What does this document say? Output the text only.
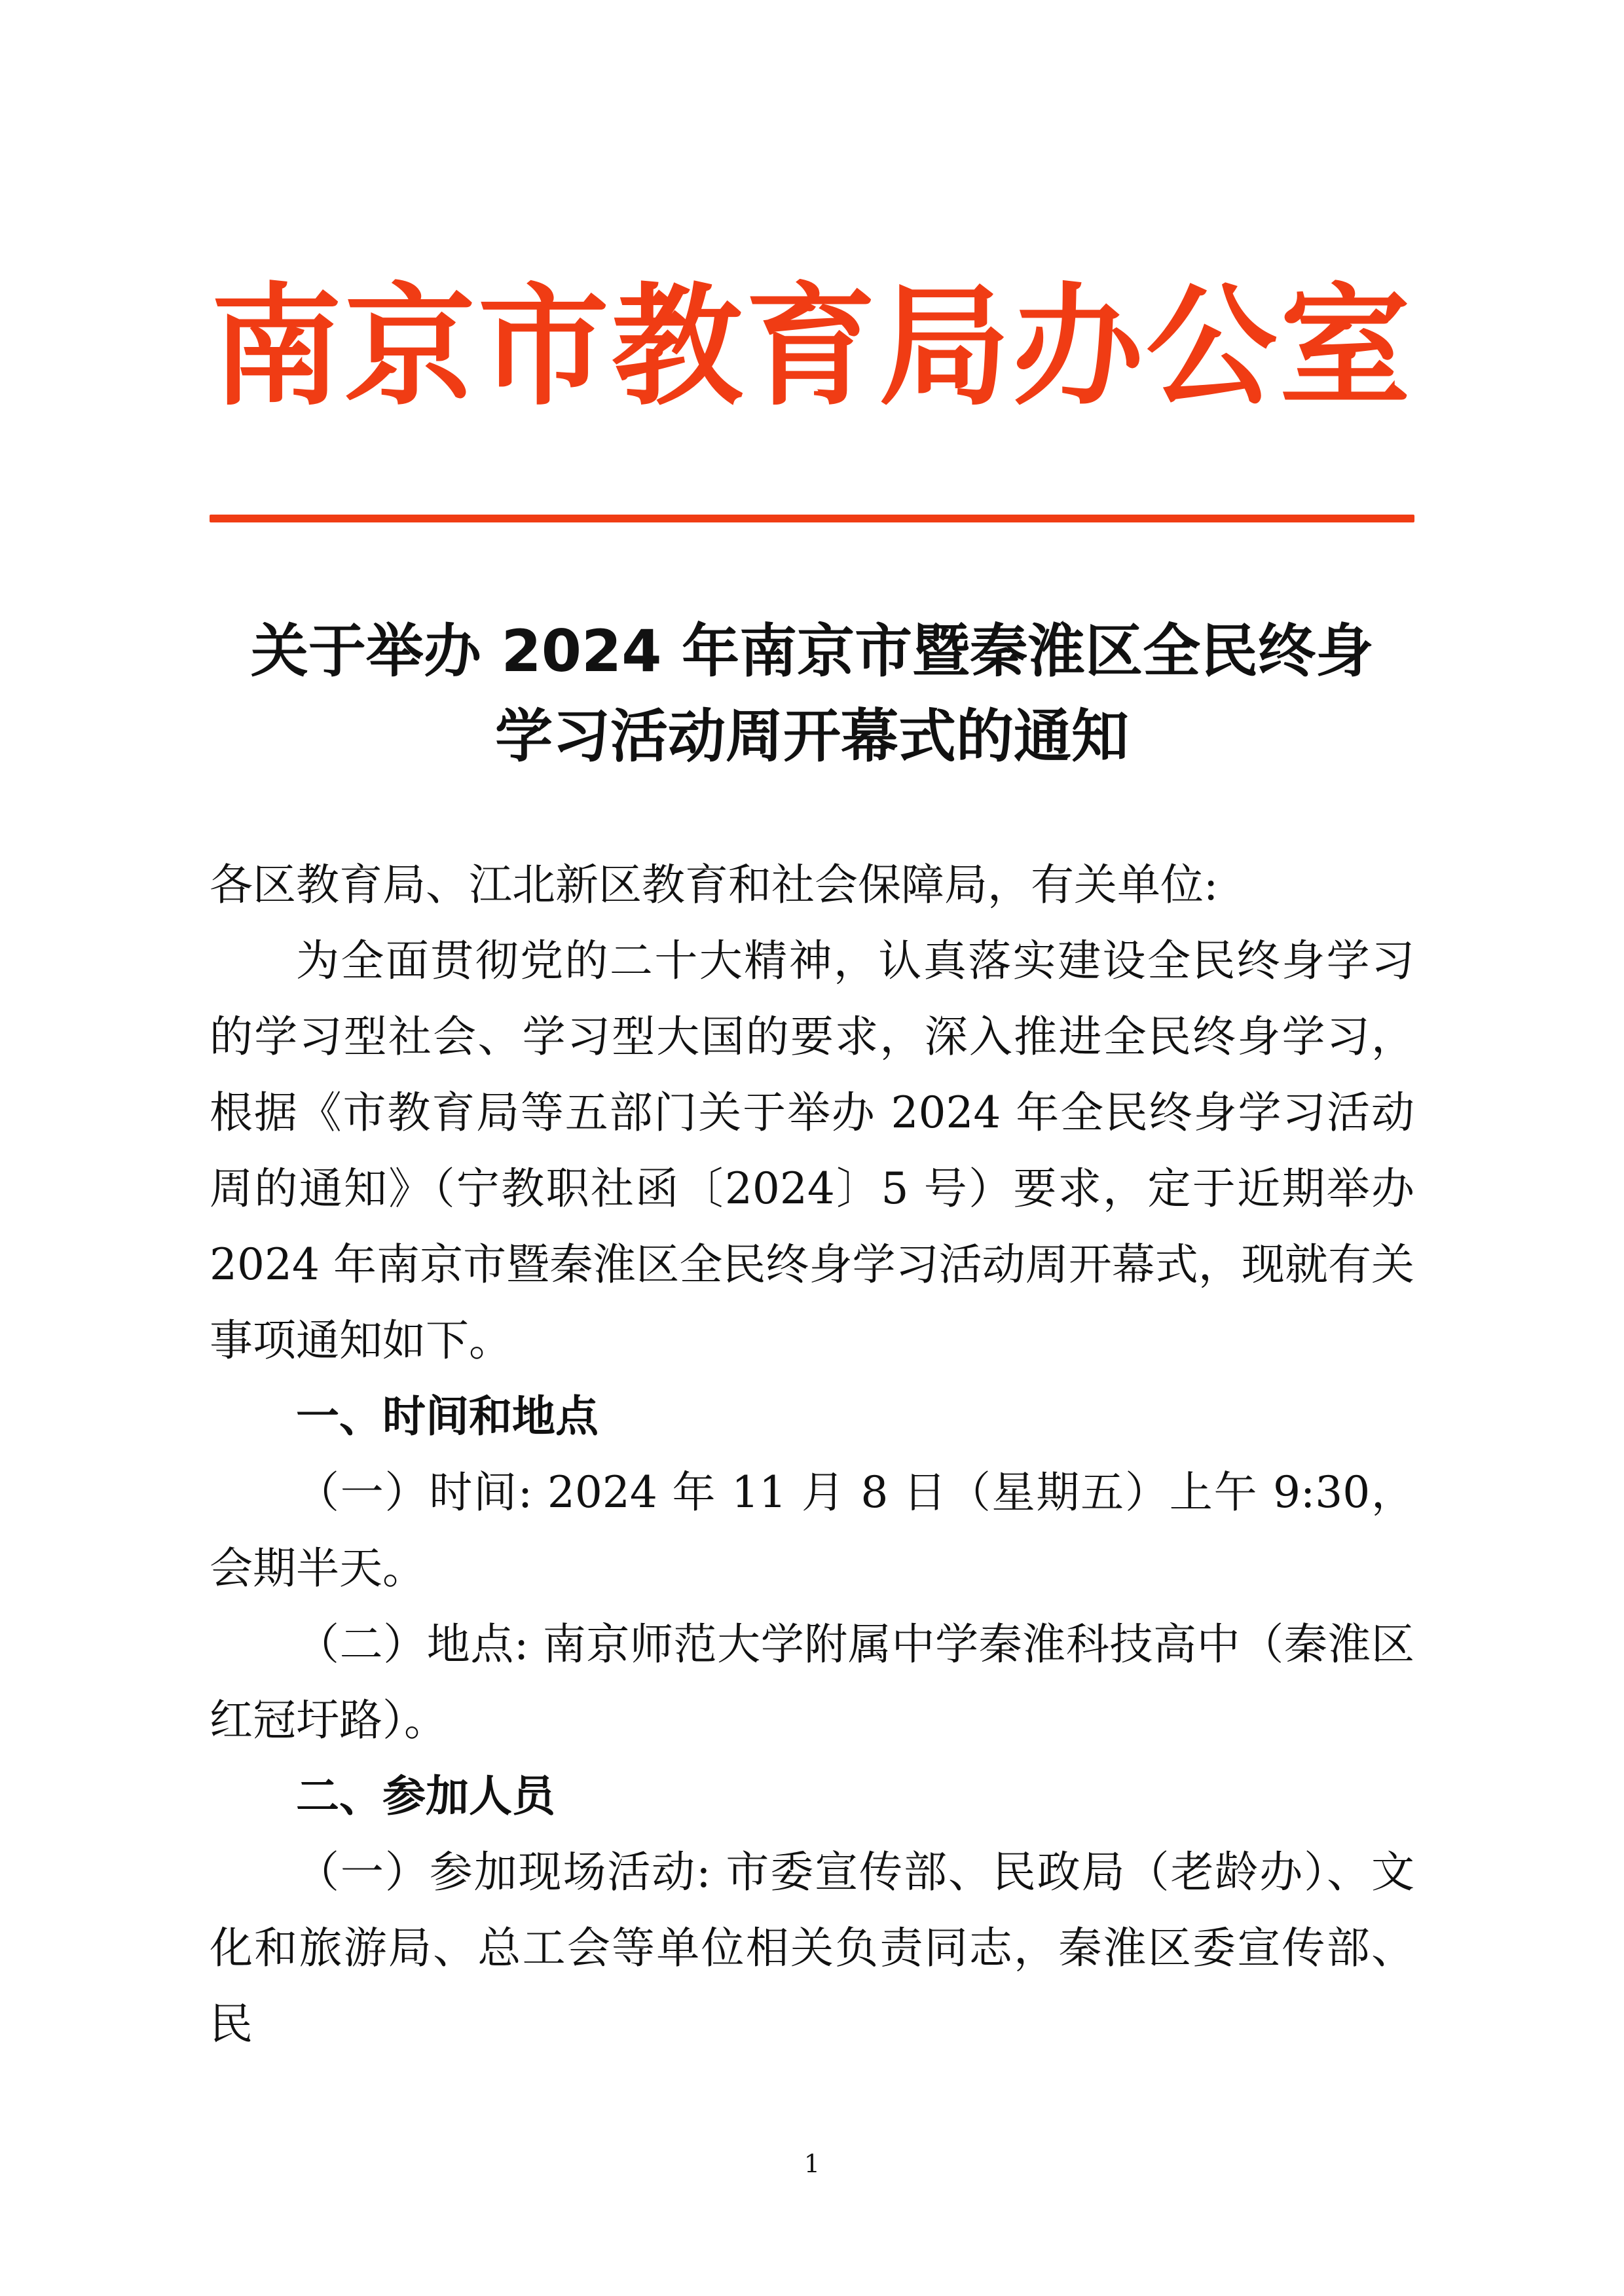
南京市教育局办公室
关于举办 2024 年南京市暨秦淮区全民终身
学习活动周开幕式的通知

各区教育局、江北新区教育和社会保障局，有关单位:

为全面贯彻党的二十大精神，认真落实建设全民终身学习的学习型社会、学习型大国的要求，深入推进全民终身学习，根据《市教育局等五部门关于举办 2024 年全民终身学习活动周的通知》（宁教职社函〔2024〕5 号）要求，定于近期举办 2024 年南京市暨秦淮区全民终身学习活动周开幕式，现就有关事项通知如下。

一、时间和地点

（一）时间: 2024 年 11 月 8 日（星期五）上午 9:30，会期半天。

（二）地点: 南京师范大学附属中学秦淮科技高中（秦淮区红冠圩路）。

二、参加人员

（一）参加现场活动: 市委宣传部、民政局（老龄办）、文化和旅游局、总工会等单位相关负责同志，秦淮区委宣传部、民

1
